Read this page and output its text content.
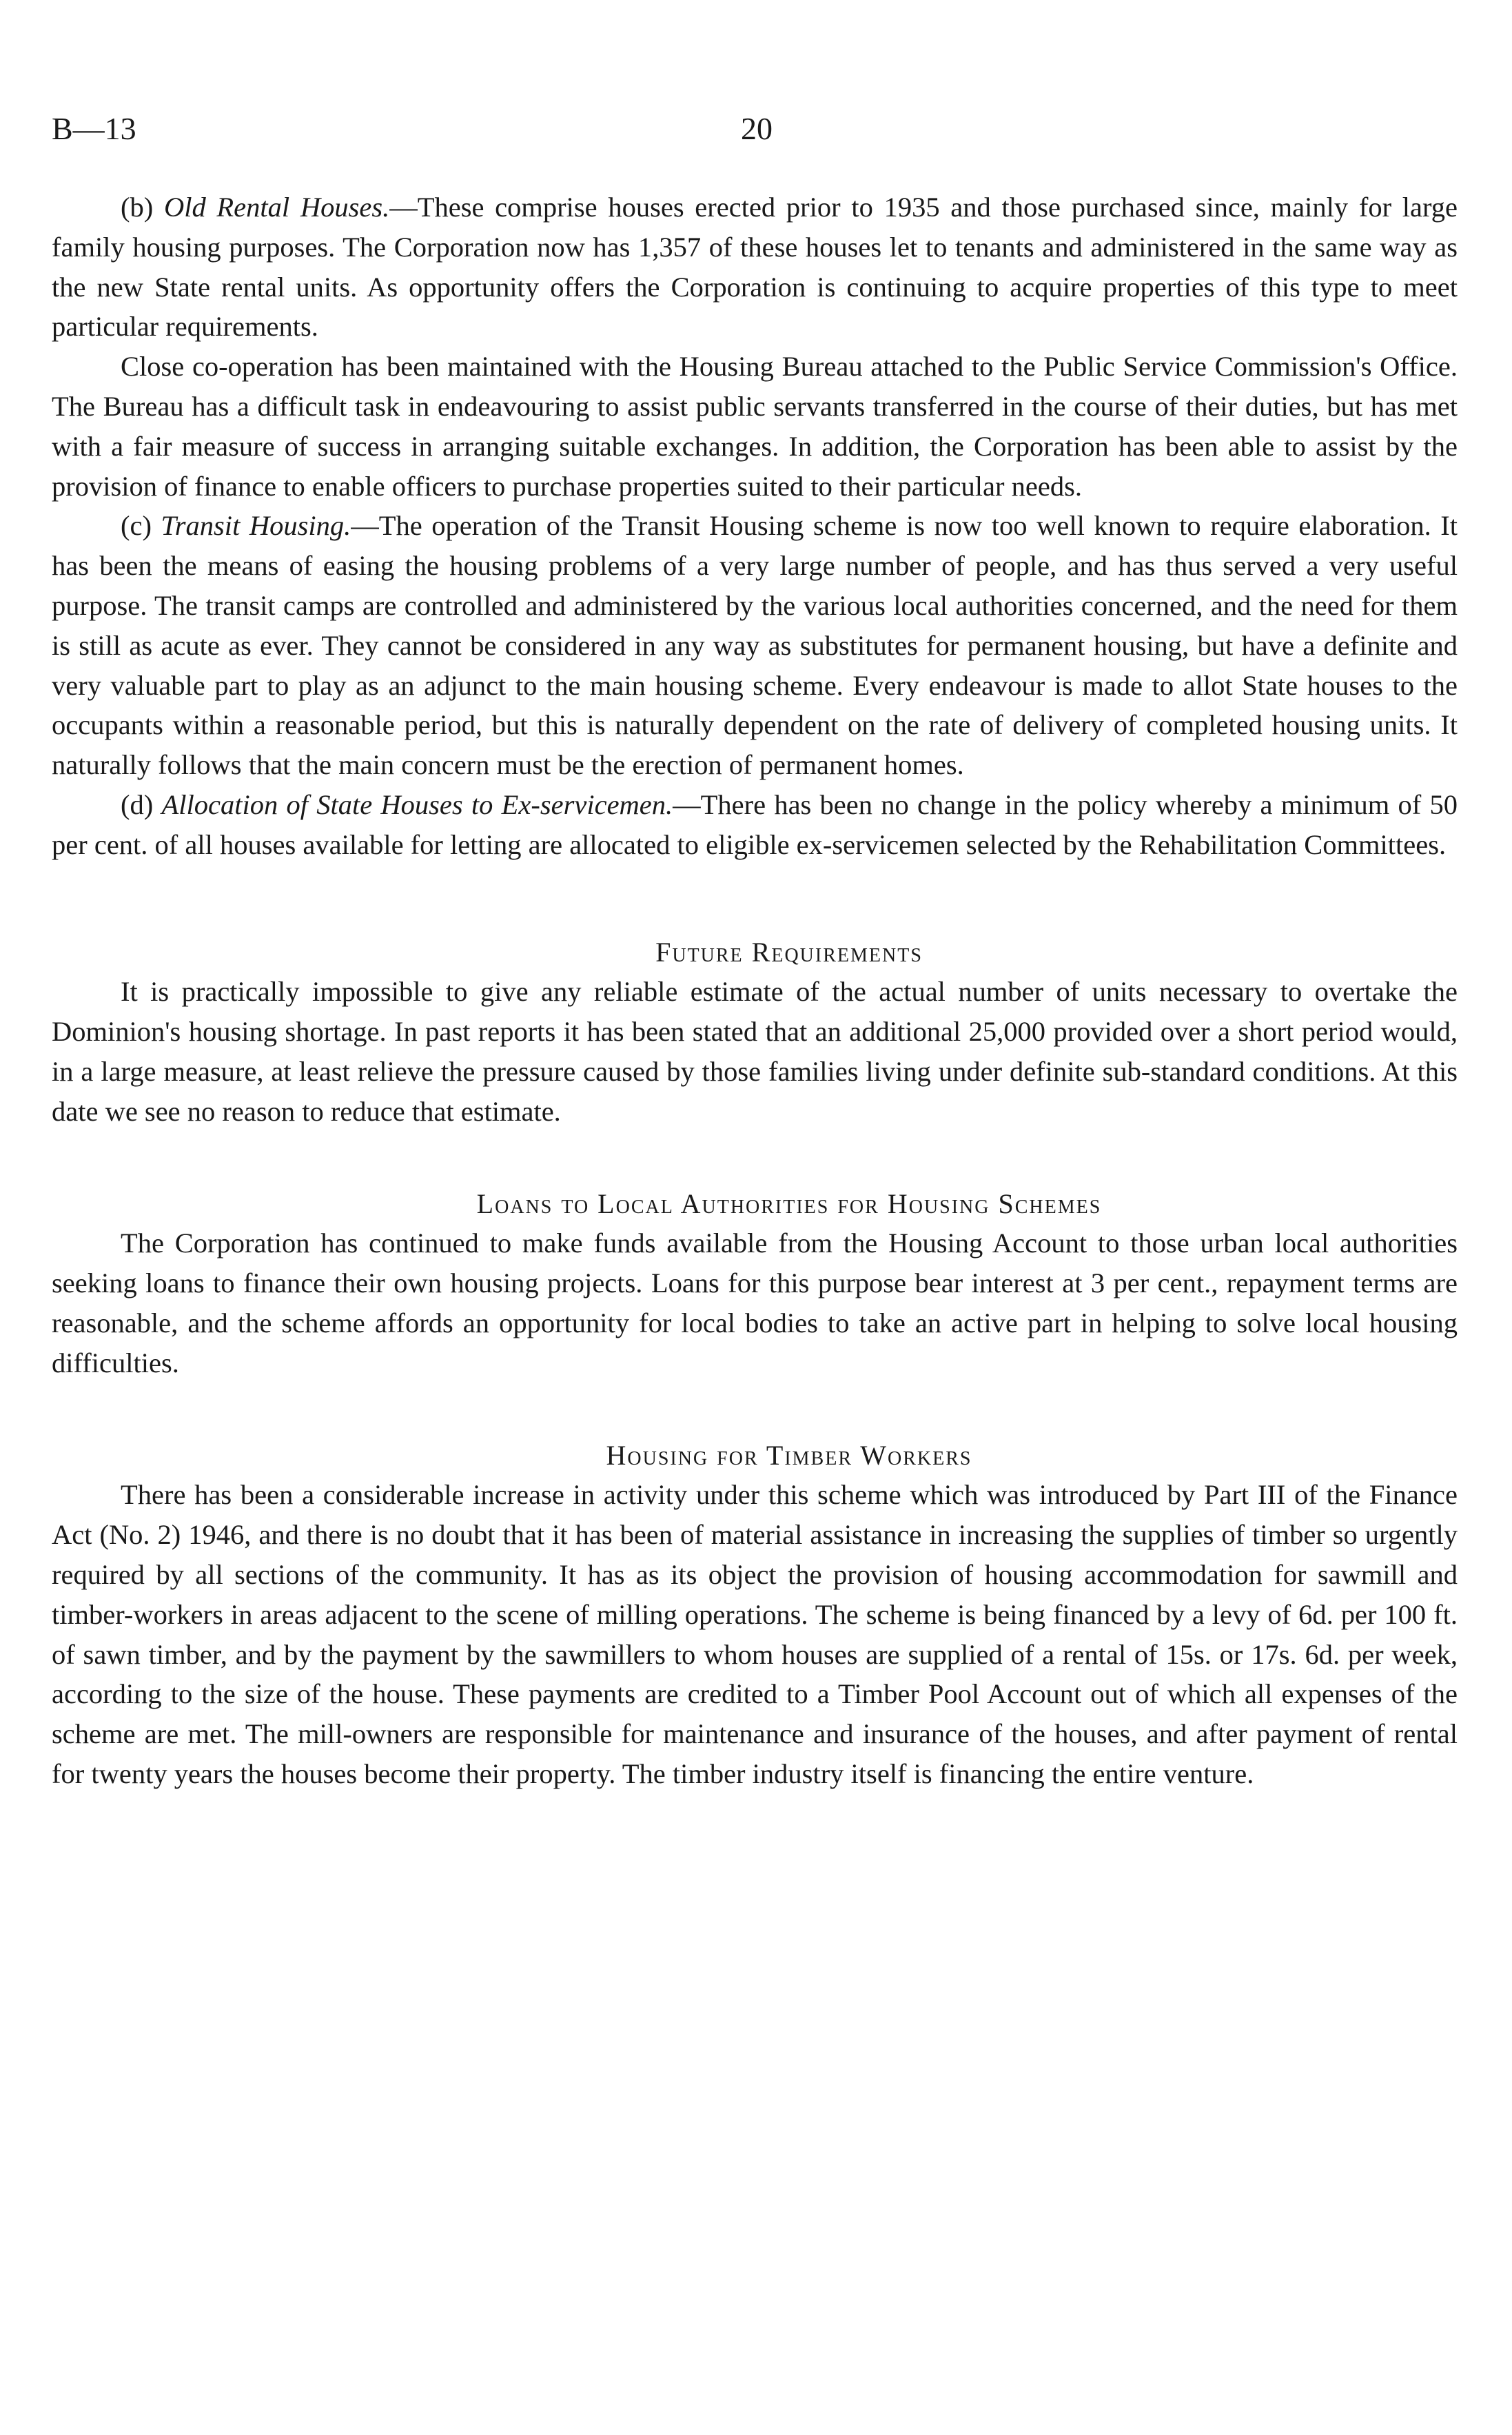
B—13	20

(b) Old Rental Houses.—These comprise houses erected prior to 1935 and those purchased since, mainly for large family housing purposes. The Corporation now has 1,357 of these houses let to tenants and administered in the same way as the new State rental units. As opportunity offers the Corporation is continuing to acquire properties of this type to meet particular requirements.

Close co-operation has been maintained with the Housing Bureau attached to the Public Service Commission's Office. The Bureau has a difficult task in endeavouring to assist public servants transferred in the course of their duties, but has met with a fair measure of success in arranging suitable exchanges. In addition, the Corporation has been able to assist by the provision of finance to enable officers to purchase properties suited to their particular needs.

(c) Transit Housing.—The operation of the Transit Housing scheme is now too well known to require elaboration. It has been the means of easing the housing problems of a very large number of people, and has thus served a very useful purpose. The transit camps are controlled and administered by the various local authorities concerned, and the need for them is still as acute as ever. They cannot be considered in any way as substitutes for permanent housing, but have a definite and very valuable part to play as an adjunct to the main housing scheme. Every endeavour is made to allot State houses to the occupants within a reasonable period, but this is naturally dependent on the rate of delivery of completed housing units. It naturally follows that the main concern must be the erection of permanent homes.

(d) Allocation of State Houses to Ex-servicemen.—There has been no change in the policy whereby a minimum of 50 per cent. of all houses available for letting are allocated to eligible ex-servicemen selected by the Rehabilitation Committees.

Future Requirements

It is practically impossible to give any reliable estimate of the actual number of units necessary to overtake the Dominion's housing shortage. In past reports it has been stated that an additional 25,000 provided over a short period would, in a large measure, at least relieve the pressure caused by those families living under definite sub-standard conditions. At this date we see no reason to reduce that estimate.

Loans to Local Authorities for Housing Schemes

The Corporation has continued to make funds available from the Housing Account to those urban local authorities seeking loans to finance their own housing projects. Loans for this purpose bear interest at 3 per cent., repayment terms are reasonable, and the scheme affords an opportunity for local bodies to take an active part in helping to solve local housing difficulties.

Housing for Timber Workers

There has been a considerable increase in activity under this scheme which was introduced by Part III of the Finance Act (No. 2) 1946, and there is no doubt that it has been of material assistance in increasing the supplies of timber so urgently required by all sections of the community. It has as its object the provision of housing accommodation for sawmill and timber-workers in areas adjacent to the scene of milling operations. The scheme is being financed by a levy of 6d. per 100 ft. of sawn timber, and by the payment by the sawmillers to whom houses are supplied of a rental of 15s. or 17s. 6d. per week, according to the size of the house. These payments are credited to a Timber Pool Account out of which all expenses of the scheme are met. The mill-owners are responsible for maintenance and insurance of the houses, and after payment of rental for twenty years the houses become their property. The timber industry itself is financing the entire venture.
